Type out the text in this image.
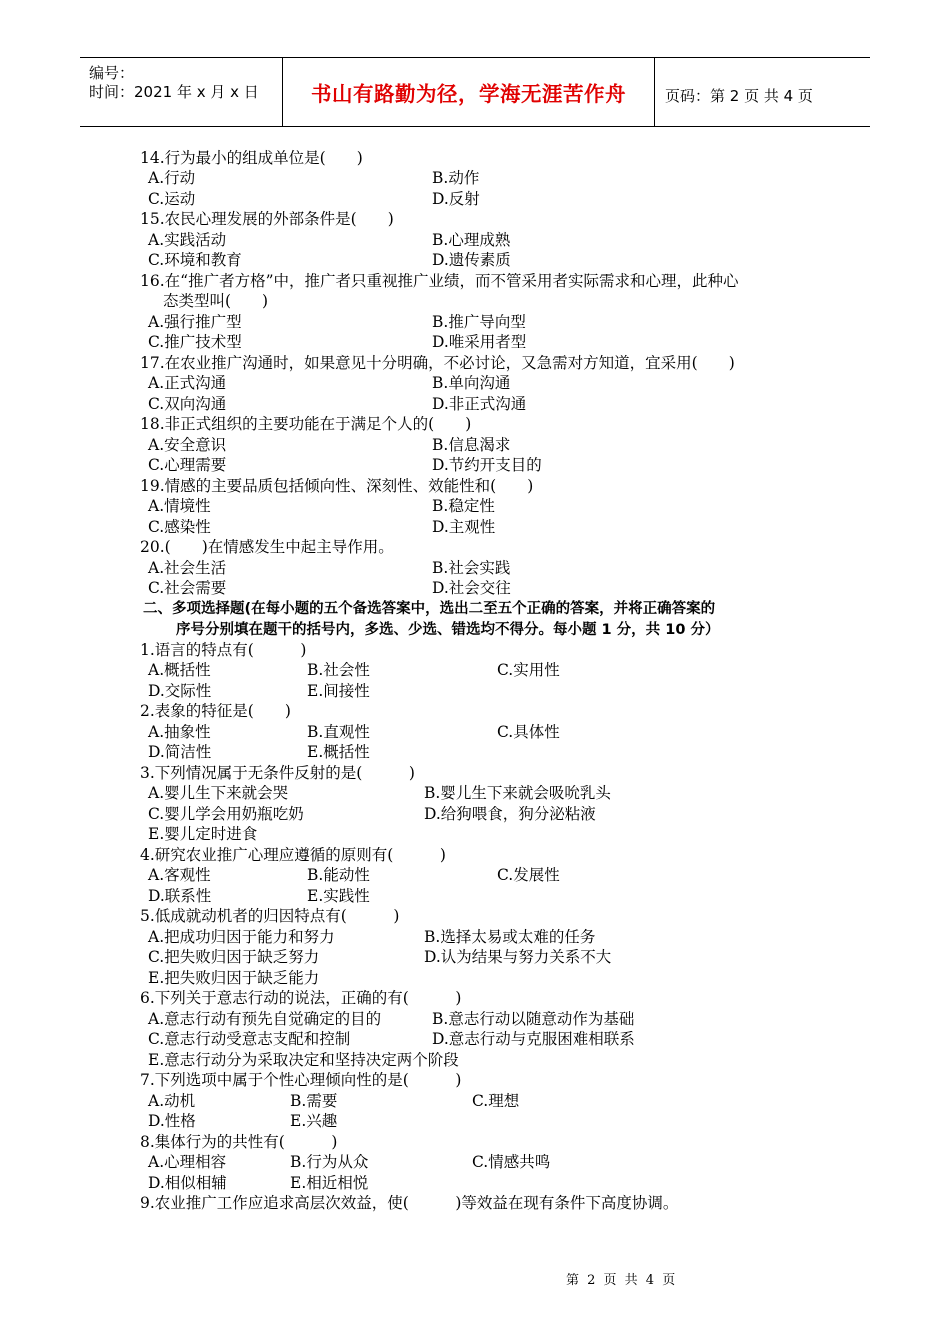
编号：
时间：2021 年 x 月 x 日	书山有路勤为径，学海无涯苦作舟	页码：第 2 页 共 4 页
14.行为最小的组成单位是(　　)
A.行动	B.动作
C.运动	D.反射
15.农民心理发展的外部条件是(　　)
A.实践活动	B.心理成熟
C.环境和教育	D.遗传素质
16.在“推广者方格”中，推广者只重视推广业绩，而不管采用者实际需求和心理，此种心
态类型叫(　　)
A.强行推广型	B.推广导向型
C.推广技术型	D.唯采用者型
17.在农业推广沟通时，如果意见十分明确，不必讨论，又急需对方知道，宜采用(　　)
A.正式沟通	B.单向沟通
C.双向沟通	D.非正式沟通
18.非正式组织的主要功能在于满足个人的(　　)
A.安全意识	B.信息渴求
C.心理需要	D.节约开支目的
19.情感的主要品质包括倾向性、深刻性、效能性和(　　)
A.情境性	B.稳定性
C.感染性	D.主观性
20.(　　)在情感发生中起主导作用。
A.社会生活	B.社会实践
C.社会需要	D.社会交往
二、多项选择题(在每小题的五个备选答案中，选出二至五个正确的答案，并将正确答案的
序号分别填在题干的括号内，多选、少选、错选均不得分。每小题 1 分，共 10 分）
1.语言的特点有(　　　)
A.概括性	B.社会性	C.实用性
D.交际性	E.间接性
2.表象的特征是(　　)
A.抽象性	B.直观性	C.具体性
D.简洁性	E.概括性
3.下列情况属于无条件反射的是(　　　)
A.婴儿生下来就会哭	B.婴儿生下来就会吸吮乳头
C.婴儿学会用奶瓶吃奶	D.给狗喂食，狗分泌粘液
E.婴儿定时进食
4.研究农业推广心理应遵循的原则有(　　　)
A.客观性	B.能动性	C.发展性
D.联系性	E.实践性
5.低成就动机者的归因特点有(　　　)
A.把成功归因于能力和努力	B.选择太易或太难的任务
C.把失败归因于缺乏努力	D.认为结果与努力关系不大
E.把失败归因于缺乏能力
6.下列关于意志行动的说法，正确的有(　　　)
A.意志行动有预先自觉确定的目的	B.意志行动以随意动作为基础
C.意志行动受意志支配和控制	D.意志行动与克服困难相联系
E.意志行动分为采取决定和坚持决定两个阶段
7.下列选项中属于个性心理倾向性的是(　　　)
A.动机	B.需要	C.理想
D.性格	E.兴趣
8.集体行为的共性有(　　　)
A.心理相容	B.行为从众	C.情感共鸣
D.相似相辅	E.相近相悦
9.农业推广工作应追求高层次效益，使(　　　)等效益在现有条件下高度协调。
第 2 页 共 4 页
